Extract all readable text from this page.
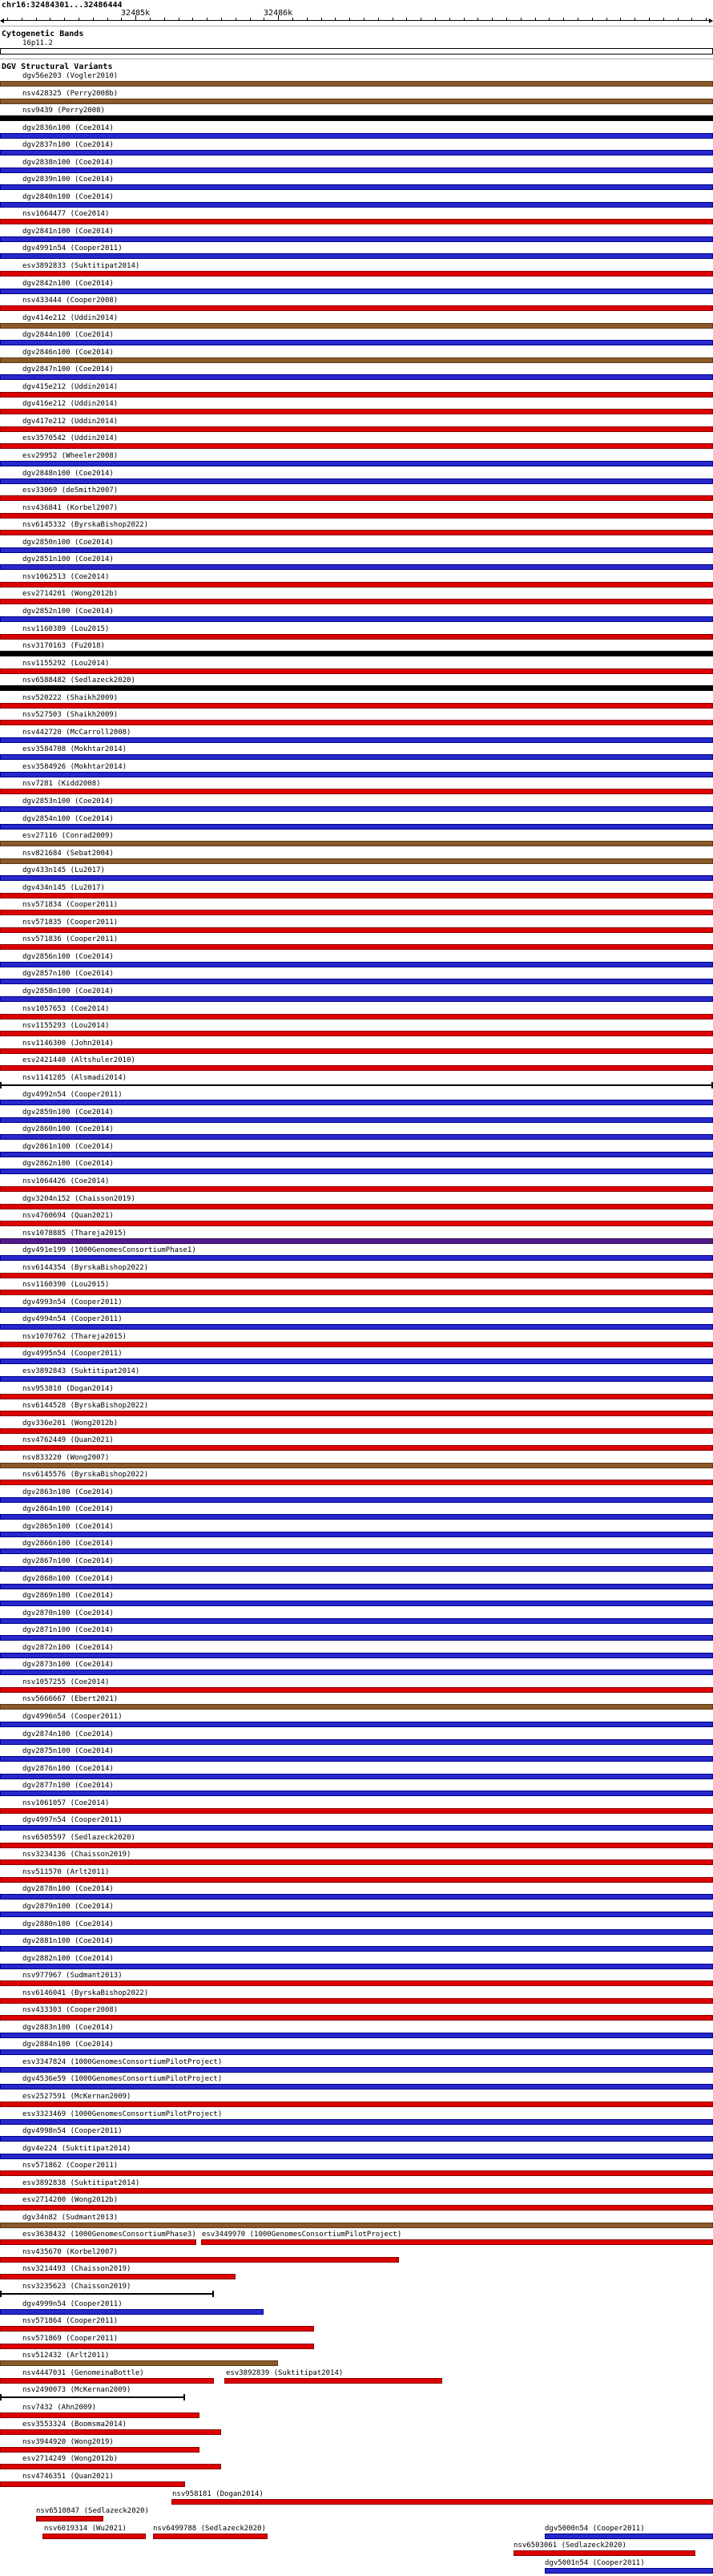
chr16:32484301...32486444
32485k	32486k
Cytogenetic Bands
16p11.2
DGV Structural Variants
dgv56e203 (Vogler2010)
nsv428325 (Perry2008b)
nsv9439 (Perry2008)
dgv2836n100 (Coe2014)
dgv2837n100 (Coe2014)
dgv2838n100 (Coe2014)
dgv2839n100 (Coe2014)
dgv2840n100 (Coe2014)
nsv1064477 (Coe2014)
dgv2841n100 (Coe2014)
dgv4991n54 (Cooper2011)
esv3892833 (Suktitipat2014)
dgv2842n100 (Coe2014)
nsv433444 (Cooper2008)
dgv414e212 (Uddin2014)
dgv2844n100 (Coe2014)
dgv2846n100 (Coe2014)
dgv2847n100 (Coe2014)
dgv415e212 (Uddin2014)
dgv416e212 (Uddin2014)
dgv417e212 (Uddin2014)
esv3570542 (Uddin2014)
esv29952 (Wheeler2008)
dgv2848n100 (Coe2014)
esv33069 (deSmith2007)
nsv436841 (Korbel2007)
nsv6145332 (ByrskaBishop2022)
dgv2850n100 (Coe2014)
dgv2851n100 (Coe2014)
nsv1062513 (Coe2014)
esv2714201 (Wong2012b)
dgv2852n100 (Coe2014)
nsv1160389 (Lou2015)
nsv3170163 (Fu2018)
nsv1155292 (Lou2014)
nsv6588482 (Sedlazeck2020)
nsv520222 (Shaikh2009)
nsv527503 (Shaikh2009)
nsv442720 (McCarroll2008)
esv3584708 (Mokhtar2014)
esv3584926 (Mokhtar2014)
nsv7281 (Kidd2008)
dgv2853n100 (Coe2014)
dgv2854n100 (Coe2014)
esv27116 (Conrad2009)
nsv821684 (Sebat2004)
dgv433n145 (Lu2017)
dgv434n145 (Lu2017)
nsv571834 (Cooper2011)
nsv571835 (Cooper2011)
nsv571836 (Cooper2011)
dgv2856n100 (Coe2014)
dgv2857n100 (Coe2014)
dgv2858n100 (Coe2014)
nsv1057653 (Coe2014)
nsv1155293 (Lou2014)
nsv1146300 (John2014)
esv2421440 (Altshuler2010)
nsv1141285 (Alsmadi2014)
dgv4992n54 (Cooper2011)
dgv2859n100 (Coe2014)
dgv2860n100 (Coe2014)
dgv2861n100 (Coe2014)
dgv2862n100 (Coe2014)
nsv1064426 (Coe2014)
dgv3204n152 (Chaisson2019)
nsv4760694 (Quan2021)
nsv1078885 (Thareja2015)
dgv491e199 (1000GenomesConsortiumPhase1)
nsv6144354 (ByrskaBishop2022)
nsv1160390 (Lou2015)
dgv4993n54 (Cooper2011)
dgv4994n54 (Cooper2011)
nsv1070762 (Thareja2015)
dgv4995n54 (Cooper2011)
esv3892843 (Suktitipat2014)
nsv953810 (Dogan2014)
nsv6144528 (ByrskaBishop2022)
dgv336e201 (Wong2012b)
nsv4762449 (Quan2021)
nsv833220 (Wong2007)
nsv6145576 (ByrskaBishop2022)
dgv2863n100 (Coe2014)
dgv2864n100 (Coe2014)
dgv2865n100 (Coe2014)
dgv2866n100 (Coe2014)
dgv2867n100 (Coe2014)
dgv2868n100 (Coe2014)
dgv2869n100 (Coe2014)
dgv2870n100 (Coe2014)
dgv2871n100 (Coe2014)
dgv2872n100 (Coe2014)
dgv2873n100 (Coe2014)
nsv1057255 (Coe2014)
nsv5666667 (Ebert2021)
dgv4996n54 (Cooper2011)
dgv2874n100 (Coe2014)
dgv2875n100 (Coe2014)
dgv2876n100 (Coe2014)
dgv2877n100 (Coe2014)
nsv1061057 (Coe2014)
dgv4997n54 (Cooper2011)
nsv6505597 (Sedlazeck2020)
nsv3234136 (Chaisson2019)
nsv511570 (Arlt2011)
dgv2878n100 (Coe2014)
dgv2879n100 (Coe2014)
dgv2880n100 (Coe2014)
dgv2881n100 (Coe2014)
dgv2882n100 (Coe2014)
nsv977967 (Sudmant2013)
nsv6146041 (ByrskaBishop2022)
nsv433303 (Cooper2008)
dgv2883n100 (Coe2014)
dgv2884n100 (Coe2014)
esv3347824 (1000GenomesConsortiumPilotProject)
dgv4536e59 (1000GenomesConsortiumPilotProject)
esv2527591 (McKernan2009)
esv3323469 (1000GenomesConsortiumPilotProject)
dgv4998n54 (Cooper2011)
dgv4e224 (Suktitipat2014)
nsv571862 (Cooper2011)
esv3892838 (Suktitipat2014)
esv2714200 (Wong2012b)
dgv34n82 (Sudmant2013)
esv3638432 (1000GenomesConsortiumPhase3) esv3449970 (1000GenomesConsortiumPilotProject)
nsv435670 (Korbel2007)
nsv3214493 (Chaisson2019)
nsv3235623 (Chaisson2019)
dgv4999n54 (Cooper2011)
nsv571864 (Cooper2011)
nsv571869 (Cooper2011)
nsv512432 (Arlt2011)
nsv4447031 (GenomeinaBottle)	esv3892839 (Suktitipat2014)
nsv2490073 (McKernan2009)
nsv7432 (Ahn2009)
esv3553324 (Boomsma2014)
nsv3944920 (Wong2019)
esv2714249 (Wong2012b)
nsv4746351 (Quan2021)
nsv958181 (Dogan2014)
nsv6510847 (Sedlazeck2020)
nsv6019314 (Wu2021)	nsv6499788 (Sedlazeck2020)	dgv5000n54 (Cooper2011)
nsv6503061 (Sedlazeck2020)
dgv5001n54 (Cooper2011)
